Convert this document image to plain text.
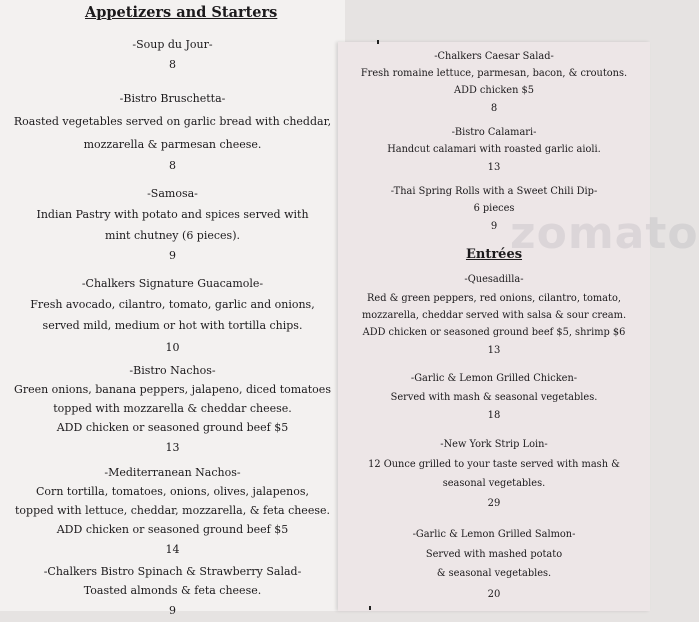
Appetizers and Starters
-Soup du Jour-
8
-Bistro Bruschetta-
Roasted vegetables served on garlic bread with cheddar,
mozzarella & parmesan cheese.
8
-Samosa-
Indian Pastry with potato and spices served with
mint chutney (6 pieces).
9
-Chalkers Signature Guacamole-
Fresh avocado, cilantro, tomato, garlic and onions,
served mild, medium or hot with tortilla chips.
10
-Bistro Nachos-
Green onions, banana peppers, jalapeno, diced tomatoes
topped with mozzarella & cheddar cheese.
ADD chicken or seasoned ground beef $5
13
-Mediterranean Nachos-
Corn tortilla, tomatoes, onions, olives, jalapenos,
topped with lettuce, cheddar, mozzarella, & feta cheese.
ADD chicken or seasoned ground beef $5
14
-Chalkers Bistro Spinach & Strawberry Salad-
Toasted almonds & feta cheese.
9
zomato
-Chalkers Caesar Salad-
Fresh romaine lettuce, parmesan, bacon, & croutons.
ADD chicken $5
8
-Bistro Calamari-
Handcut calamari with roasted garlic aioli.
13
-Thai Spring Rolls with a Sweet Chili Dip-
6 pieces
9
Entrées
-Quesadilla-
Red & green peppers, red onions, cilantro, tomato,
mozzarella, cheddar served with salsa & sour cream.
ADD chicken or seasoned ground beef $5, shrimp $6
13
-Garlic & Lemon Grilled Chicken-
Served with mash & seasonal vegetables.
18
-New York Strip Loin-
12 Ounce grilled to your taste served with mash &
seasonal vegetables.
29
-Garlic & Lemon Grilled Salmon-
Served with mashed potato
& seasonal vegetables.
20
